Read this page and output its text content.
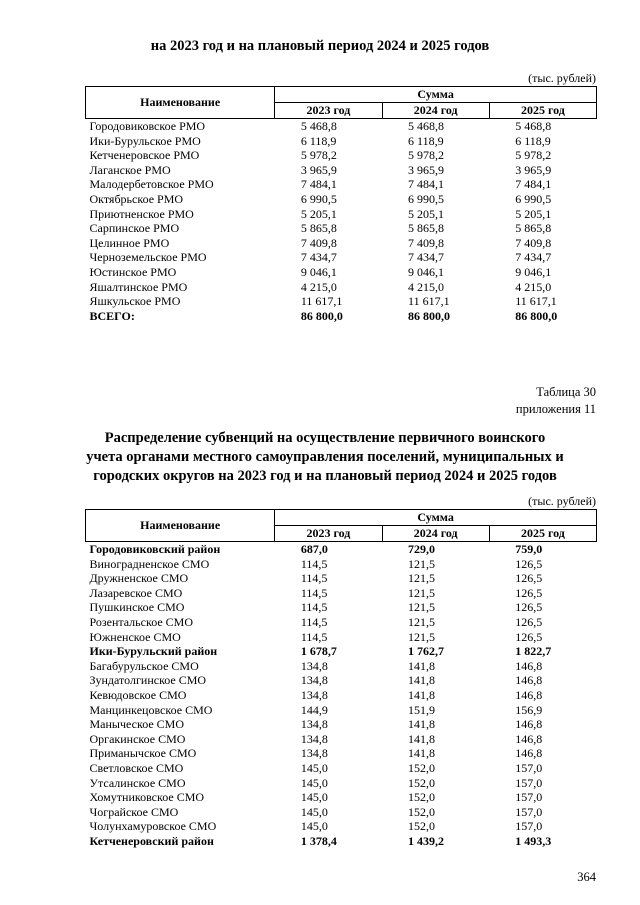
на 2023 год и на плановый период 2024 и 2025 годов
(тыс. рублей)
Наименование	Сумма		
	2023 год	2024 год	2025 год
Городовиковское РМО	5 468,8	5 468,8	5 468,8
Ики-Бурульское РМО	6 118,9	6 118,9	6 118,9
Кетченеровское РМО	5 978,2	5 978,2	5 978,2
Лаганское РМО	3 965,9	3 965,9	3 965,9
Малодербетовское РМО	7 484,1	7 484,1	7 484,1
Октябрьское РМО	6 990,5	6 990,5	6 990,5
Приютненское РМО	5 205,1	5 205,1	5 205,1
Сарпинское РМО	5 865,8	5 865,8	5 865,8
Целинное РМО	7 409,8	7 409,8	7 409,8
Черноземельское РМО	7 434,7	7 434,7	7 434,7
Юстинское РМО	9 046,1	9 046,1	9 046,1
Яшалтинское РМО	4 215,0	4 215,0	4 215,0
Яшкульское РМО	11 617,1	11 617,1	11 617,1
ВСЕГО:	86 800,0	86 800,0	86 800,0
Таблица 30
приложения 11
Распределение субвенций на осуществление первичного воинского
учета органами местного самоуправления поселений, муниципальных и
городских округов на 2023 год и на плановый период 2024 и 2025 годов
(тыс. рублей)
Наименование	Сумма		
	2023 год	2024 год	2025 год
Городовиковский район	687,0	729,0	759,0
Виноградненское СМО	114,5	121,5	126,5
Дружненское СМО	114,5	121,5	126,5
Лазаревское СМО	114,5	121,5	126,5
Пушкинское СМО	114,5	121,5	126,5
Розентальское СМО	114,5	121,5	126,5
Южненское СМО	114,5	121,5	126,5
Ики-Бурульский район	1 678,7	1 762,7	1 822,7
Багабурульское СМО	134,8	141,8	146,8
Зундатолгинское СМО	134,8	141,8	146,8
Кевюдовское СМО	134,8	141,8	146,8
Манцинкецовское СМО	144,9	151,9	156,9
Маныческое СМО	134,8	141,8	146,8
Оргакинское СМО	134,8	141,8	146,8
Приманычское СМО	134,8	141,8	146,8
Светловское СМО	145,0	152,0	157,0
Утсалинское СМО	145,0	152,0	157,0
Хомутниковское СМО	145,0	152,0	157,0
Чограйское СМО	145,0	152,0	157,0
Чолунхамуровское СМО	145,0	152,0	157,0
Кетченеровский район	1 378,4	1 439,2	1 493,3
364
